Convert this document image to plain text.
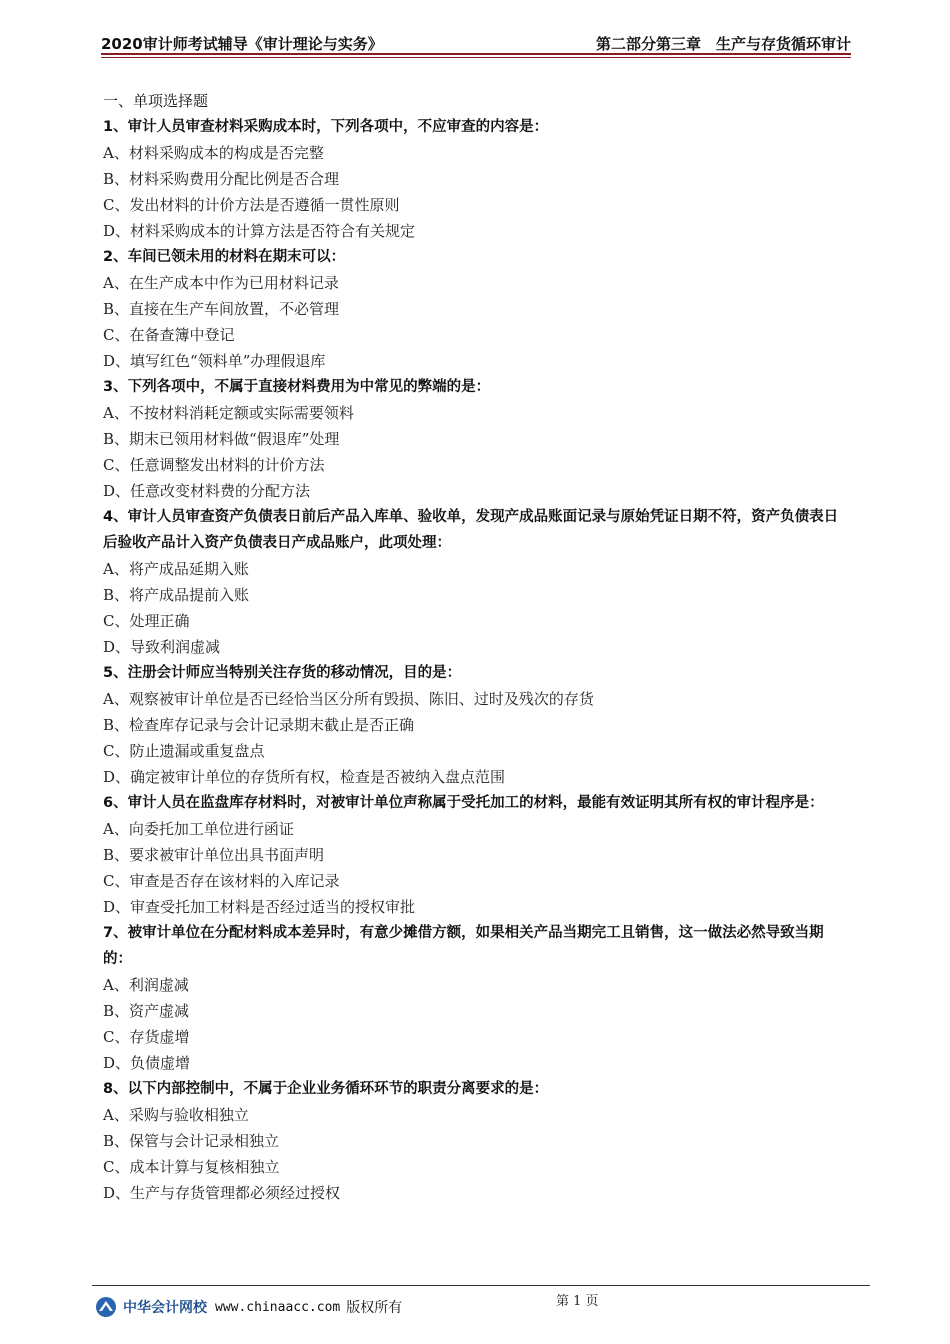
2020审计师考试辅导《审计理论与实务》	第二部分第三章　生产与存货循环审计
一、单项选择题
1、审计人员审查材料采购成本时，下列各项中，不应审查的内容是：
A、材料采购成本的构成是否完整
B、材料采购费用分配比例是否合理
C、发出材料的计价方法是否遵循一贯性原则
D、材料采购成本的计算方法是否符合有关规定
2、车间已领未用的材料在期末可以：
A、在生产成本中作为已用材料记录
B、直接在生产车间放置，不必管理
C、在备查簿中登记
D、填写红色“领料单”办理假退库
3、下列各项中，不属于直接材料费用为中常见的弊端的是：
A、不按材料消耗定额或实际需要领料
B、期末已领用材料做“假退库”处理
C、任意调整发出材料的计价方法
D、任意改变材料费的分配方法
4、审计人员审查资产负债表日前后产品入库单、验收单，发现产成品账面记录与原始凭证日期不符，资产负债表日后验收产品计入资产负债表日产成品账户，此项处理：
A、将产成品延期入账
B、将产成品提前入账
C、处理正确
D、导致利润虚减
5、注册会计师应当特别关注存货的移动情况，目的是：
A、观察被审计单位是否已经恰当区分所有毁损、陈旧、过时及残次的存货
B、检查库存记录与会计记录期末截止是否正确
C、防止遗漏或重复盘点
D、确定被审计单位的存货所有权，检查是否被纳入盘点范围
6、审计人员在监盘库存材料时，对被审计单位声称属于受托加工的材料，最能有效证明其所有权的审计程序是：
A、向委托加工单位进行函证
B、要求被审计单位出具书面声明
C、审查是否存在该材料的入库记录
D、审查受托加工材料是否经过适当的授权审批
7、被审计单位在分配材料成本差异时，有意少摊借方额，如果相关产品当期完工且销售，这一做法必然导致当期的：
A、利润虚减
B、资产虚减
C、存货虚增
D、负债虚增
8、以下内部控制中，不属于企业业务循环环节的职责分离要求的是：
A、采购与验收相独立
B、保管与会计记录相独立
C、成本计算与复核相独立
D、生产与存货管理都必须经过授权
第 1 页
中华会计网校 www.chinaacc.com 版权所有
